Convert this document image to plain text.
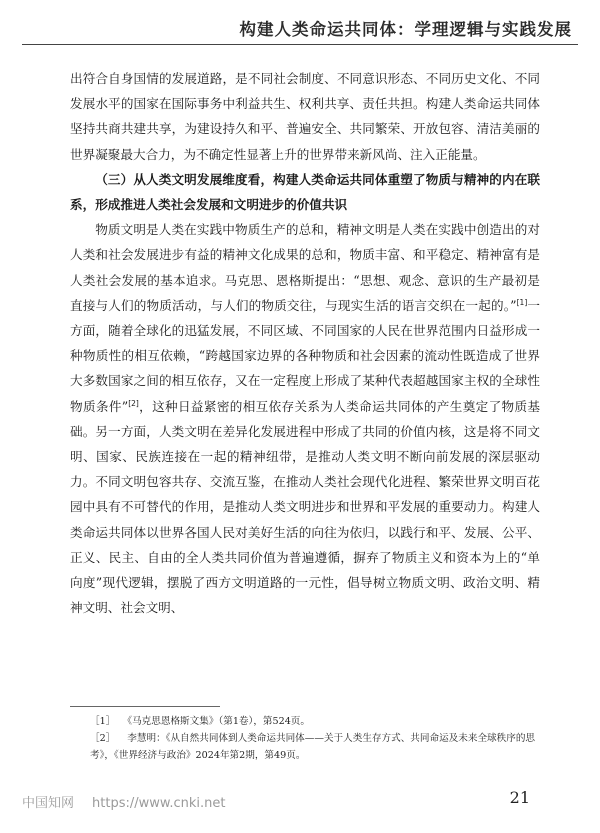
构建人类命运共同体：学理逻辑与实践发展

出符合自身国情的发展道路，是不同社会制度、不同意识形态、不同历史文化、不同发展水平的国家在国际事务中利益共生、权利共享、责任共担。构建人类命运共同体坚持共商共建共享，为建设持久和平、普遍安全、共同繁荣、开放包容、清洁美丽的世界凝聚最大合力，为不确定性显著上升的世界带来新风尚、注入正能量。

（三）从人类文明发展维度看，构建人类命运共同体重塑了物质与精神的内在联系，形成推进人类社会发展和文明进步的价值共识

物质文明是人类在实践中物质生产的总和，精神文明是人类在实践中创造出的对人类和社会发展进步有益的精神文化成果的总和，物质丰富、和平稳定、精神富有是人类社会发展的基本追求。马克思、恩格斯提出：“思想、观念、意识的生产最初是直接与人们的物质活动，与人们的物质交往，与现实生活的语言交织在一起的。”[1]一方面，随着全球化的迅猛发展，不同区域、不同国家的人民在世界范围内日益形成一种物质性的相互依赖，“跨越国家边界的各种物质和社会因素的流动性既造成了世界大多数国家之间的相互依存，又在一定程度上形成了某种代表超越国家主权的全球性物质条件”[2]，这种日益紧密的相互依存关系为人类命运共同体的产生奠定了物质基础。另一方面，人类文明在差异化发展进程中形成了共同的价值内核，这是将不同文明、国家、民族连接在一起的精神纽带，是推动人类文明不断向前发展的深层驱动力。不同文明包容共存、交流互鉴，在推动人类社会现代化进程、繁荣世界文明百花园中具有不可替代的作用，是推动人类文明进步和世界和平发展的重要动力。构建人类命运共同体以世界各国人民对美好生活的向往为依归，以践行和平、发展、公平、正义、民主、自由的全人类共同价值为普遍遵循，摒弃了物质主义和资本为上的“单向度”现代逻辑，摆脱了西方文明道路的一元性，倡导树立物质文明、政治文明、精神文明、社会文明、

［1］ 《马克思恩格斯文集》（第1卷），第524页。

［2］ 李慧明：《从自然共同体到人类命运共同体——关于人类生存方式、共同命运及未来全球秩序的思考》，《世界经济与政治》2024年第2期，第49页。

中国知网 https://www.cnki.net	21
